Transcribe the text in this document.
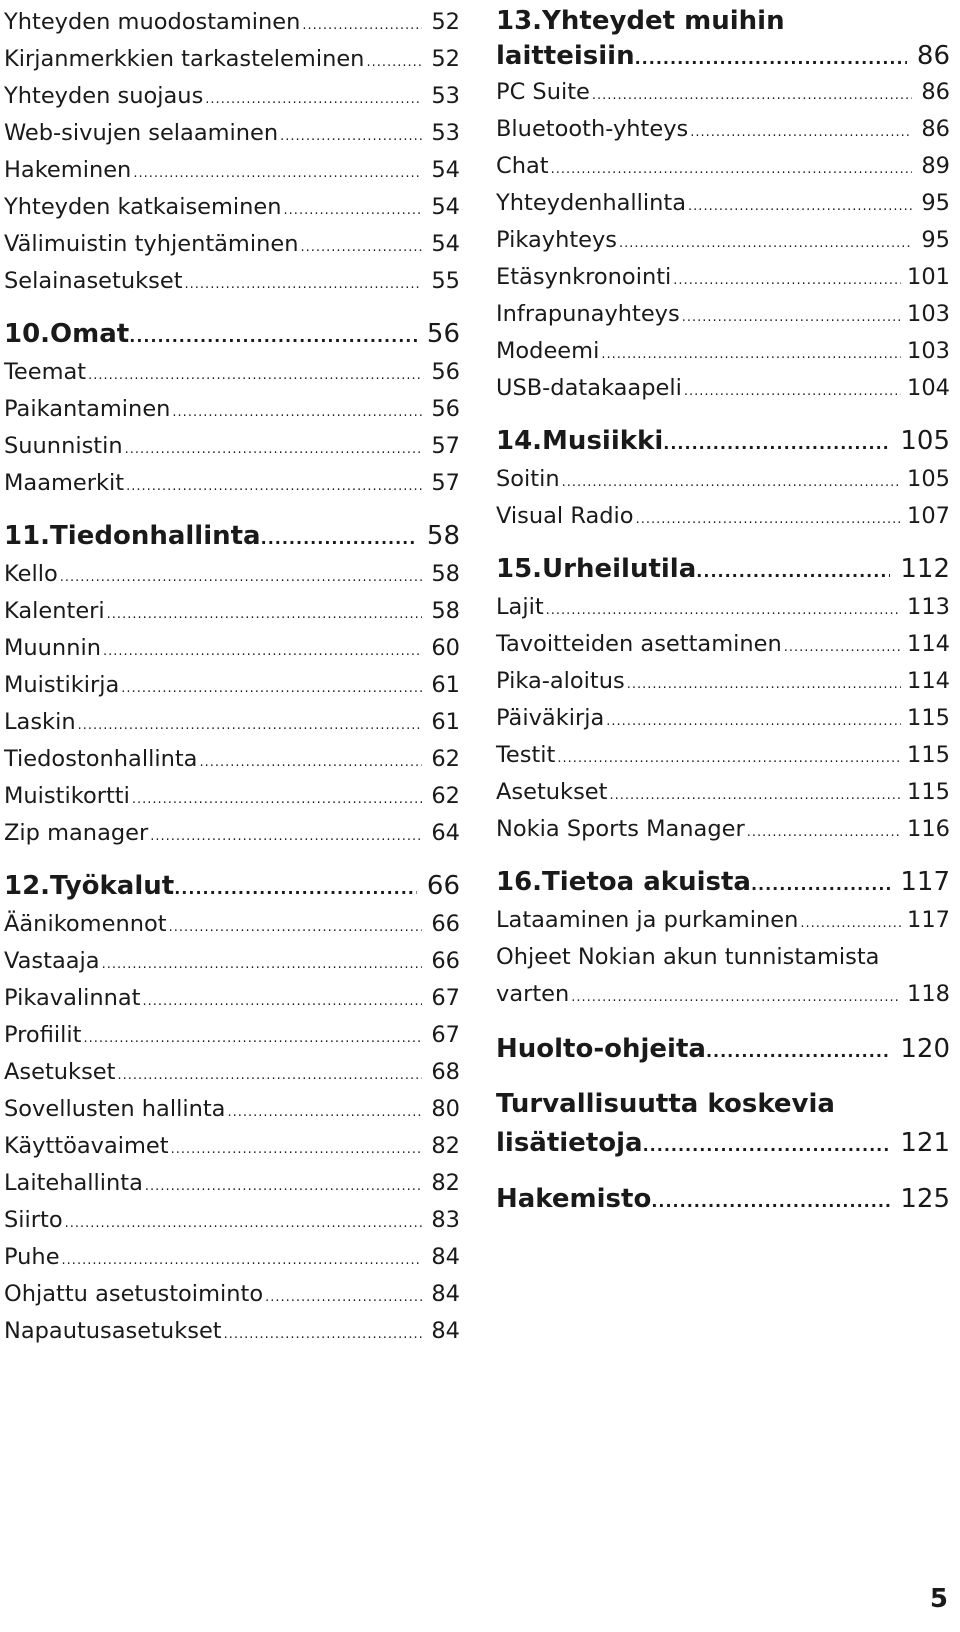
Yhteyden muodostaminen .....	52
Kirjanmerkkien tarkasteleminen .....	52
Yhteyden suojaus .....	53
Web-sivujen selaaminen .....	53
Hakeminen .....	54
Yhteyden katkaiseminen .....	54
Välimuistin tyhjentäminen .....	54
Selainasetukset .....	55
10.Omat .....	56
Teemat .....	56
Paikantaminen .....	56
Suunnistin .....	57
Maamerkit .....	57
11.Tiedonhallinta .....	58
Kello .....	58
Kalenteri .....	58
Muunnin .....	60
Muistikirja .....	61
Laskin .....	61
Tiedostonhallinta .....	62
Muistikortti .....	62
Zip manager .....	64
12.Työkalut .....	66
Äänikomennot .....	66
Vastaaja .....	66
Pikavalinnat .....	67
Profiilit .....	67
Asetukset .....	68
Sovellusten hallinta .....	80
Käyttöavaimet .....	82
Laitehallinta .....	82
Siirto .....	83
Puhe .....	84
Ohjattu asetustoiminto .....	84
Napautusasetukset .....	84
13.Yhteydet muihin
laitteisiin .....	86
PC Suite .....	86
Bluetooth-yhteys .....	86
Chat .....	89
Yhteydenhallinta .....	95
Pikayhteys .....	95
Etäsynkronointi .....	101
Infrapunayhteys .....	103
Modeemi .....	103
USB-datakaapeli .....	104
14.Musiikki .....	105
Soitin .....	105
Visual Radio .....	107
15.Urheilutila .....	112
Lajit .....	113
Tavoitteiden asettaminen .....	114
Pika-aloitus .....	114
Päiväkirja .....	115
Testit .....	115
Asetukset .....	115
Nokia Sports Manager .....	116
16.Tietoa akuista .....	117
Lataaminen ja purkaminen .....	117
Ohjeet Nokian akun tunnistamista
varten .....	118
Huolto-ohjeita .....	120
Turvallisuutta koskevia
lisätietoja .....	121
Hakemisto .....	125
5
